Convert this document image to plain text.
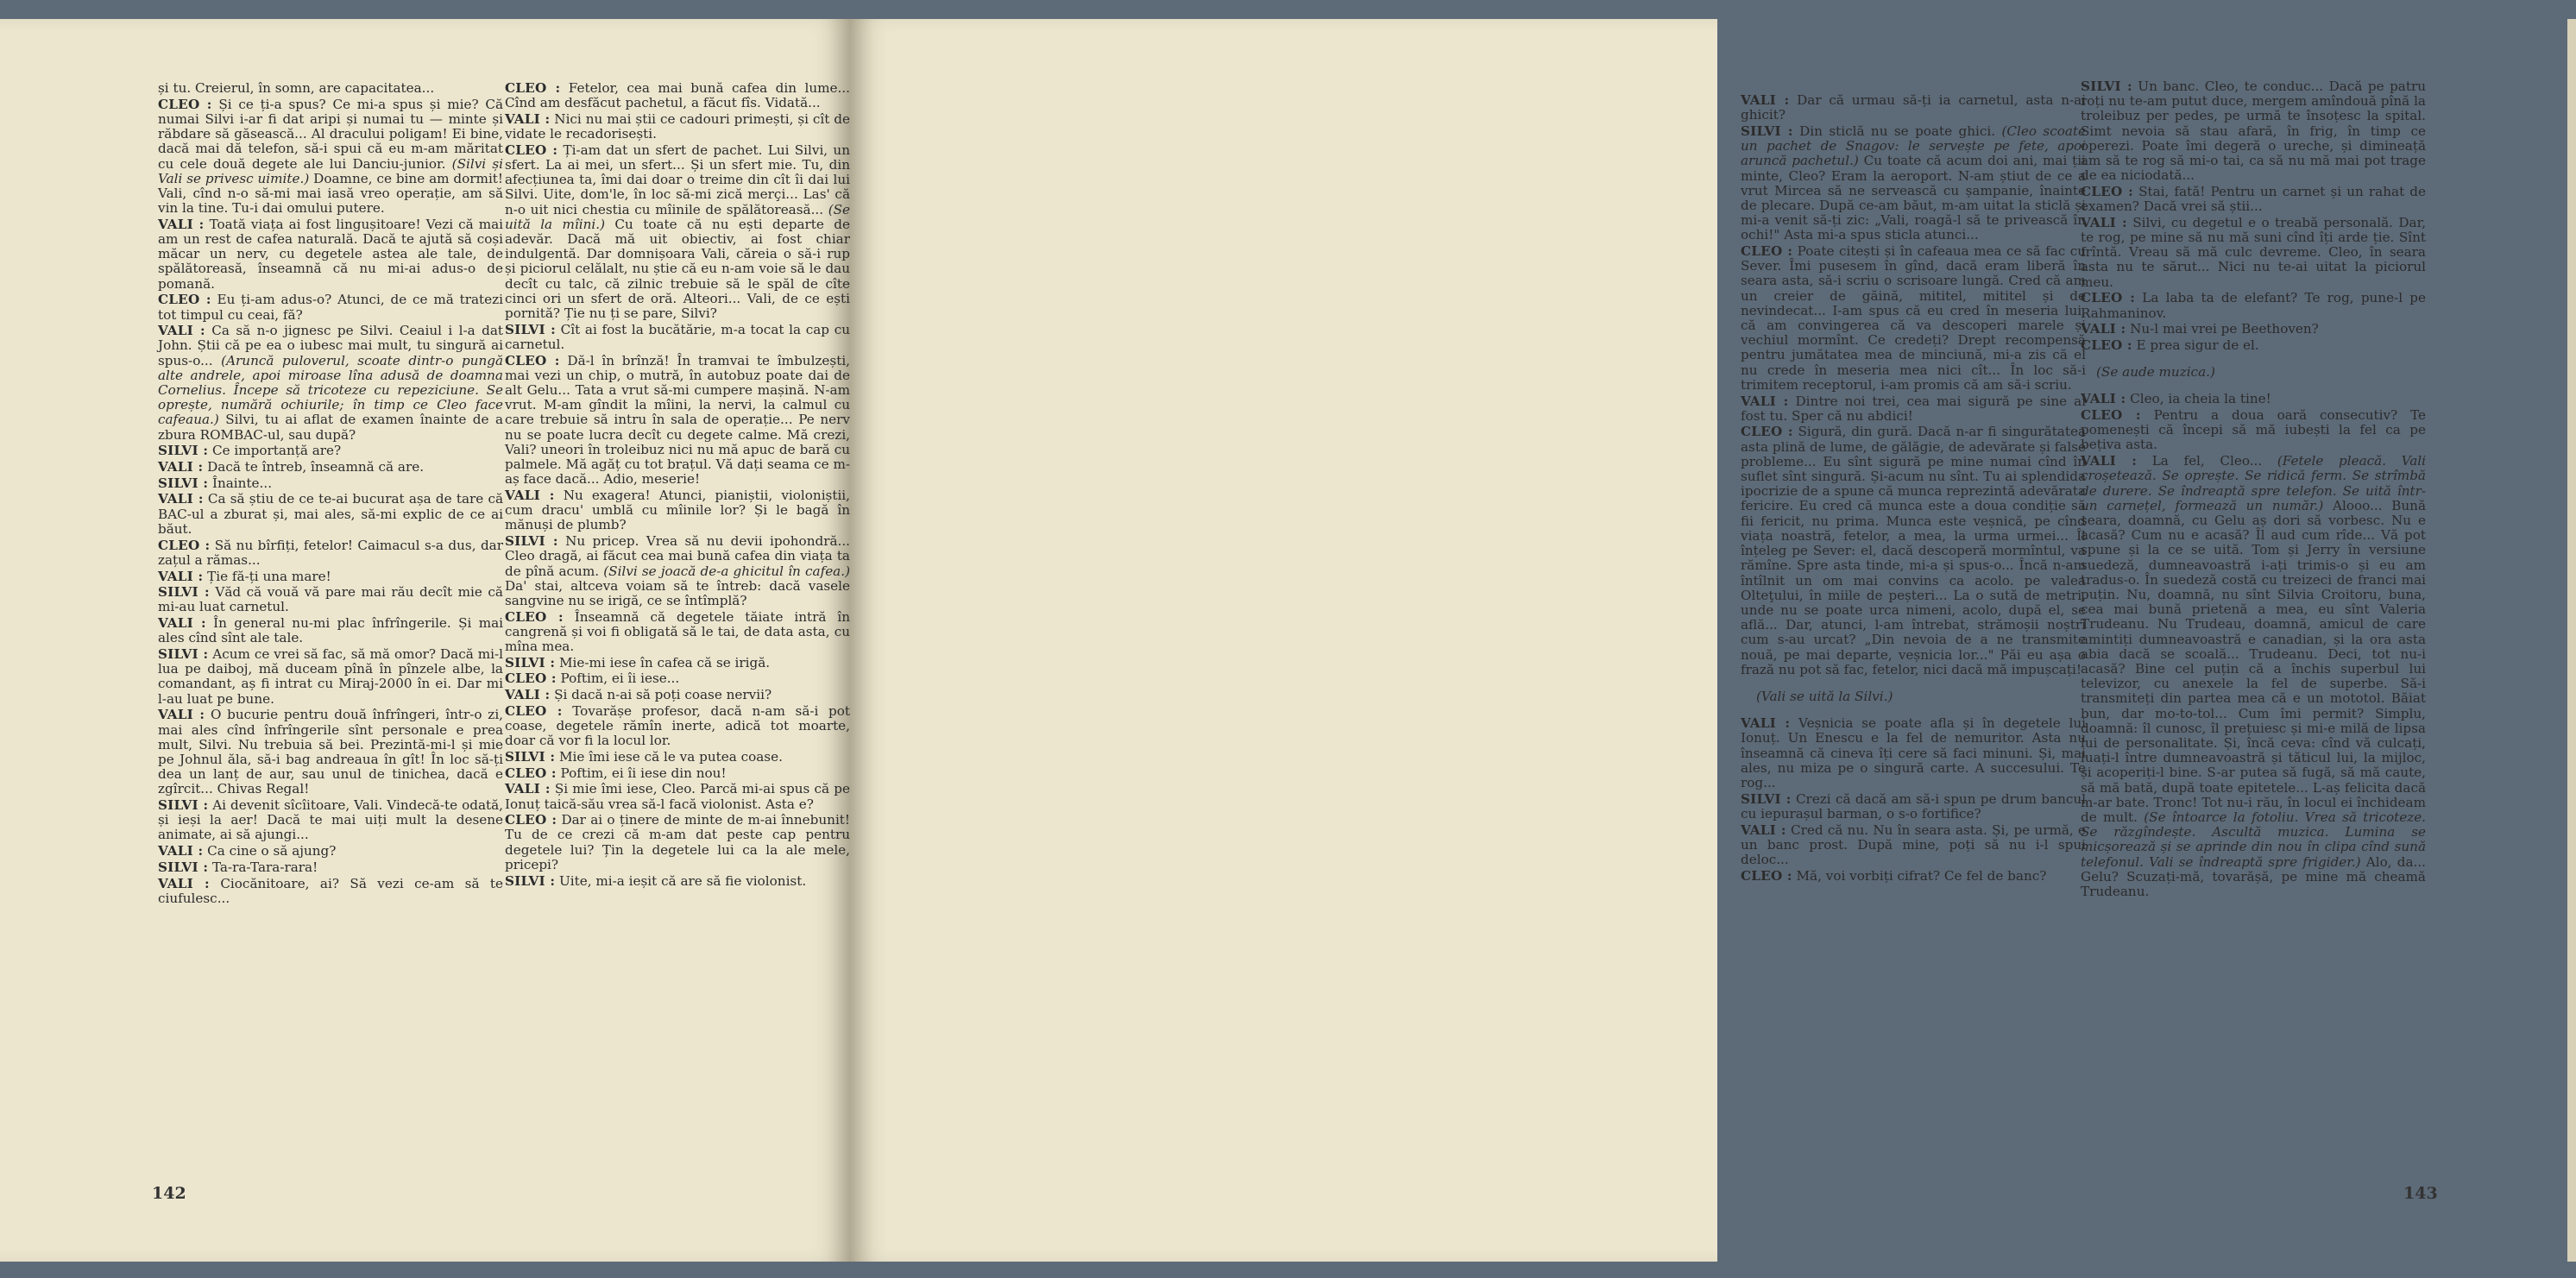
și tu. Creierul, în somn, are capacitatea...

CLEO : Și ce ți-a spus? Ce mi-a spus și mie? Că numai Silvi i-ar fi dat aripi și numai tu — minte și răbdare să găsească... Al dracului poligam! Ei bine, dacă mai dă telefon, să-i spui că eu m-am măritat cu cele două degete ale lui Danciu-junior. (Silvi și Vali se privesc uimite.) Doamne, ce bine am dormit! Vali, cînd n-o să-mi mai iasă vreo operație, am să vin la tine. Tu-i dai omului putere.

VALI : Toată viața ai fost lingușitoare! Vezi că mai am un rest de cafea naturală. Dacă te ajută să coși măcar un nerv, cu degetele astea ale tale, de spălătoreasă, înseamnă că nu mi-ai adus-o de pomană.

CLEO : Eu ți-am adus-o? Atunci, de ce mă tratezi tot timpul cu ceai, fă?

VALI : Ca să n-o jignesc pe Silvi. Ceaiul i l-a dat John. Știi că pe ea o iubesc mai mult, tu singură ai spus-o... (Aruncă puloverul, scoate dintr-o pungă alte andrele, apoi miroase lîna adusă de doamna Cornelius. Începe să tricoteze cu repeziciune. Se oprește, numără ochiurile; în timp ce Cleo face cafeaua.) Silvi, tu ai aflat de examen înainte de a zbura ROMBAC-ul, sau după?

SILVI : Ce importanță are?

VALI : Dacă te întreb, înseamnă că are.

SILVI : Înainte...

VALI : Ca să știu de ce te-ai bucurat așa de tare că BAC-ul a zburat și, mai ales, să-mi explic de ce ai băut.

CLEO : Să nu bîrfiți, fetelor! Caimacul s-a dus, dar zațul a rămas...

VALI : Ție fă-ți una mare!

SILVI : Văd că vouă vă pare mai rău decît mie că mi-au luat carnetul.

VALI : În general nu-mi plac înfrîngerile. Și mai ales cînd sînt ale tale.

SILVI : Acum ce vrei să fac, să mă omor? Dacă mi-l lua pe daiboj, mă duceam pînă în pînzele albe, la comandant, aș fi intrat cu Miraj-2000 în ei. Dar mi l-au luat pe bune.

VALI : O bucurie pentru două înfrîngeri, într-o zi, mai ales cînd înfrîngerile sînt personale e prea mult, Silvi. Nu trebuia să bei. Prezintă-mi-l și mie pe Johnul ăla, să-i bag andreaua în gît! În loc să-ți dea un lanț de aur, sau unul de tinichea, dacă e zgîrcit... Chivas Regal!

SILVI : Ai devenit sîcîitoare, Vali. Vindecă-te odată, și ieși la aer! Dacă te mai uiți mult la desene animate, ai să ajungi...

VALI : Ca cine o să ajung?

SILVI : Ta-ra-Tara-rara!

VALI : Ciocănitoare, ai? Să vezi ce-am să te ciufulesc...

CLEO : Fetelor, cea mai bună cafea din lume... Cînd am desfăcut pachetul, a făcut fîs. Vidată...

VALI : Nici nu mai știi ce cadouri primești, și cît de vidate le recadorisești.

CLEO : Ți-am dat un sfert de pachet. Lui Silvi, un sfert. La ai mei, un sfert... Și un sfert mie. Tu, din afecțiunea ta, îmi dai doar o treime din cît îi dai lui Silvi. Uite, dom'le, în loc să-mi zică merçi... Las' că n-o uit nici chestia cu mîinile de spălătoreasă... (Se uită la mîini.) Cu toate că nu ești departe de adevăr. Dacă mă uit obiectiv, ai fost chiar indulgentă. Dar domnișoara Vali, căreia o să-i rup și piciorul celălalt, nu știe că eu n-am voie să le dau decît cu talc, că zilnic trebuie să le spăl de cîte cinci ori un sfert de oră. Alteori... Vali, de ce ești pornită? Ție nu ți se pare, Silvi?

SILVI : Cît ai fost la bucătărie, m-a tocat la cap cu carnetul.

CLEO : Dă-l în brînză! În tramvai te îmbulzești, mai vezi un chip, o mutră, în autobuz poate dai de alt Gelu... Tata a vrut să-mi cumpere mașină. N-am vrut. M-am gîndit la mîini, la nervi, la calmul cu care trebuie să intru în sala de operație... Pe nerv nu se poate lucra decît cu degete calme. Mă crezi, Vali? uneori în troleibuz nici nu mă apuc de bară cu palmele. Mă agăț cu tot brațul. Vă dați seama ce m-aș face dacă... Adio, meserie!

VALI : Nu exagera! Atunci, pianiștii, violoniștii, cum dracu' umblă cu mîinile lor? Și le bagă în mănuși de plumb?

SILVI : Nu pricep. Vrea să nu devii ipohondră... Cleo dragă, ai făcut cea mai bună cafea din viața ta de pînă acum. (Silvi se joacă de-a ghicitul în cafea.) Da' stai, altceva voiam să te întreb: dacă vasele sangvine nu se irigă, ce se întîmplă?

CLEO : Înseamnă că degetele tăiate intră în cangrenă și voi fi obligată să le tai, de data asta, cu mîna mea.

SILVI : Mie-mi iese în cafea că se irigă.

CLEO : Poftim, ei îi iese...

VALI : Și dacă n-ai să poți coase nervii?

CLEO : Tovarășe profesor, dacă n-am să-i pot coase, degetele rămîn inerte, adică tot moarte, doar că vor fi la locul lor.

SILVI : Mie îmi iese că le va putea coase.

CLEO : Poftim, ei îi iese din nou!

VALI : Și mie îmi iese, Cleo. Parcă mi-ai spus că pe Ionuț taică-său vrea să-l facă violonist. Asta e?

CLEO : Dar ai o ținere de minte de m-ai înnebunit! Tu de ce crezi că m-am dat peste cap pentru degetele lui? Țin la degetele lui ca la ale mele, pricepi?

SILVI : Uite, mi-a ieșit că are să fie violonist.

142

VALI : Dar că urmau să-ți ia carnetul, asta n-ai ghicit?

SILVI : Din sticlă nu se poate ghici. (Cleo scoate un pachet de Snagov: le servește pe fete, apoi aruncă pachetul.) Cu toate că acum doi ani, mai ții minte, Cleo? Eram la aeroport. N-am știut de ce a vrut Mircea să ne servească cu șampanie, înainte de plecare. După ce-am băut, m-am uitat la sticlă și mi-a venit să-ți zic: „Vali, roagă-l să te privească în ochi!" Asta mi-a spus sticla atunci...

CLEO : Poate citești și în cafeaua mea ce să fac cu Sever. Îmi pusesem în gînd, dacă eram liberă în seara asta, să-i scriu o scrisoare lungă. Cred că am un creier de găină, mititel, mititel și de nevindecat... I-am spus că eu cred în meseria lui, că am convingerea că va descoperi marele și vechiul mormînt. Ce credeți? Drept recompensă pentru jumătatea mea de minciună, mi-a zis că el nu crede în meseria mea nici cît... În loc să-i trimitem receptorul, i-am promis că am să-i scriu.

VALI : Dintre noi trei, cea mai sigură pe sine ai fost tu. Sper că nu abdici!

CLEO : Sigură, din gură. Dacă n-ar fi singurătatea asta plină de lume, de gălăgie, de adevărate și false probleme... Eu sînt sigură pe mine numai cînd în suflet sînt singură. Și-acum nu sînt. Tu ai splendida ipocrizie de a spune că munca reprezintă adevărata fericire. Eu cred că munca este a doua condiție să fii fericit, nu prima. Munca este veșnică, pe cînd viața noastră, fetelor, a mea, la urma urmei... Îl înțeleg pe Sever: el, dacă descoperă mormîntul, va rămîne. Spre asta tinde, mi-a și spus-o... Încă n-am întîlnit un om mai convins ca acolo. pe valea Olteţului, în miile de peșteri... La o sută de metri, unde nu se poate urca nimeni, acolo, după el, se află... Dar, atunci, l-am întrebat, strămoșii noștri cum s-au urcat? „Din nevoia de a ne transmite nouă, pe mai departe, veșnicia lor..." Păi eu așa o frază nu pot să fac, fetelor, nici dacă mă impușcați!

(Vali se uită la Silvi.)

VALI : Veșnicia se poate afla și în degetele lui Ionuț. Un Enescu e la fel de nemuritor. Asta nu înseamnă că cineva îți cere să faci minuni. Și, mai ales, nu miza pe o singură carte. A succesului. Te rog...

SILVI : Crezi că dacă am să-i spun pe drum bancul cu iepurașul barman, o s-o fortifice?

VALI : Cred că nu. Nu în seara asta. Și, pe urmă, e un banc prost. După mine, poți să nu i-l spui deloc...

CLEO : Mă, voi vorbiți cifrat? Ce fel de banc?

SILVI : Un banc. Cleo, te conduc... Dacă pe patru roți nu te-am putut duce, mergem amîndouă pînă la troleibuz per pedes, pe urmă te însoțesc la spital. Simt nevoia să stau afară, în frig, în timp ce operezi. Poate îmi degeră o ureche, și dimineață am să te rog să mi-o tai, ca să nu mă mai pot trage de ea niciodată...

CLEO : Stai, fată! Pentru un carnet și un rahat de examen? Dacă vrei să știi...

VALI : Silvi, cu degetul e o treabă personală. Dar, te rog, pe mine să nu mă suni cînd îți arde ție. Sînt frîntă. Vreau să mă culc devreme. Cleo, în seara asta nu te sărut... Nici nu te-ai uitat la piciorul meu.

CLEO : La laba ta de elefant? Te rog, pune-l pe Rahmaninov.

VALI : Nu-l mai vrei pe Beethoven?

CLEO : E prea sigur de el.

(Se aude muzica.)

VALI : Cleo, ia cheia la tine!

CLEO : Pentru a doua oară consecutiv? Te pomenești că începi să mă iubești la fel ca pe bețiva asta.

VALI : La fel, Cleo... (Fetele pleacă. Vali croșetează. Se oprește. Se ridică ferm. Se strîmbă de durere. Se îndreaptă spre telefon. Se uită într-un carnețel, formează un număr.) Alooo... Bună seara, doamnă, cu Gelu aș dori să vorbesc. Nu e acasă? Cum nu e acasă? Îl aud cum rîde... Vă pot spune și la ce se uită. Tom și Jerry în versiune suedeză, dumneavoastră i-ați trimis-o și eu am tradus-o. În suedeză costă cu treizeci de franci mai puțin. Nu, doamnă, nu sînt Silvia Croitoru, buna, cea mai bună prietenă a mea, eu sînt Valeria Trudeanu. Nu Trudeau, doamnă, amicul de care amintiți dumneavoastră e canadian, și la ora asta abia dacă se scoală... Trudeanu. Deci, tot nu-i acasă? Bine cel puțin că a închis superbul lui televizor, cu anexele la fel de superbe. Să-i transmiteți din partea mea că e un mototol. Băiat bun, dar mo-to-tol... Cum îmi permit? Simplu, doamnă: îl cunosc, îl prețuiesc și mi-e milă de lipsa lui de personalitate. Și, încă ceva: cînd vă culcați, luați-l între dumneavoastră și tăticul lui, la mijloc, și acoperiți-l bine. S-ar putea să fugă, să mă caute, să mă bată, după toate epitetele... L-aș felicita dacă m-ar bate. Tronc! Tot nu-i rău, în locul ei închideam de mult. (Se întoarce la fotoliu. Vrea să tricoteze. Se răzgîndește. Ascultă muzica. Lumina se micșorează și se aprinde din nou în clipa cînd sună telefonul. Vali se îndreaptă spre frigider.) Alo, da... Gelu? Scuzați-mă, tovarășă, pe mine mă cheamă Trudeanu.

143
